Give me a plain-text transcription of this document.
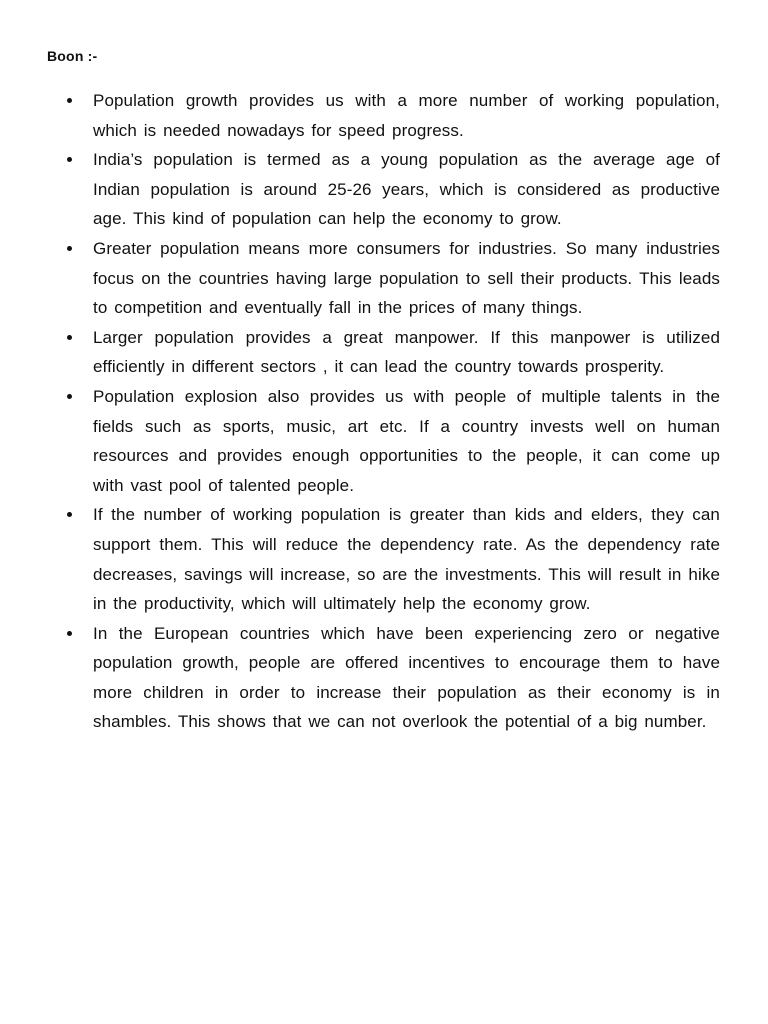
Boon :-
Population growth provides us with a more number of working population, which is needed nowadays for speed progress.
India’s population is termed as a young population as the average age of Indian population is around 25-26 years, which is considered as productive age. This kind of population can help the economy to grow.
Greater population means more consumers for industries. So many industries focus on the countries having large population to sell their products. This leads to competition and eventually fall in the prices of many things.
Larger population provides a great manpower. If this manpower is utilized efficiently in different sectors , it can lead the country towards prosperity.
Population explosion also provides us with people of multiple talents in the fields such as sports, music, art etc. If a country invests well on human resources and provides enough opportunities to the people, it can come up with vast pool of talented people.
If the number of working population is greater than kids and elders, they can support them. This will reduce the dependency rate. As the dependency rate decreases, savings will increase, so are the investments. This will result in hike in the productivity, which will ultimately help the economy grow.
In the European countries which have been experiencing zero or negative population growth, people are offered incentives to encourage them to have more children in order to increase their population as their economy is in shambles. This shows that we can not overlook the potential of a big number.
